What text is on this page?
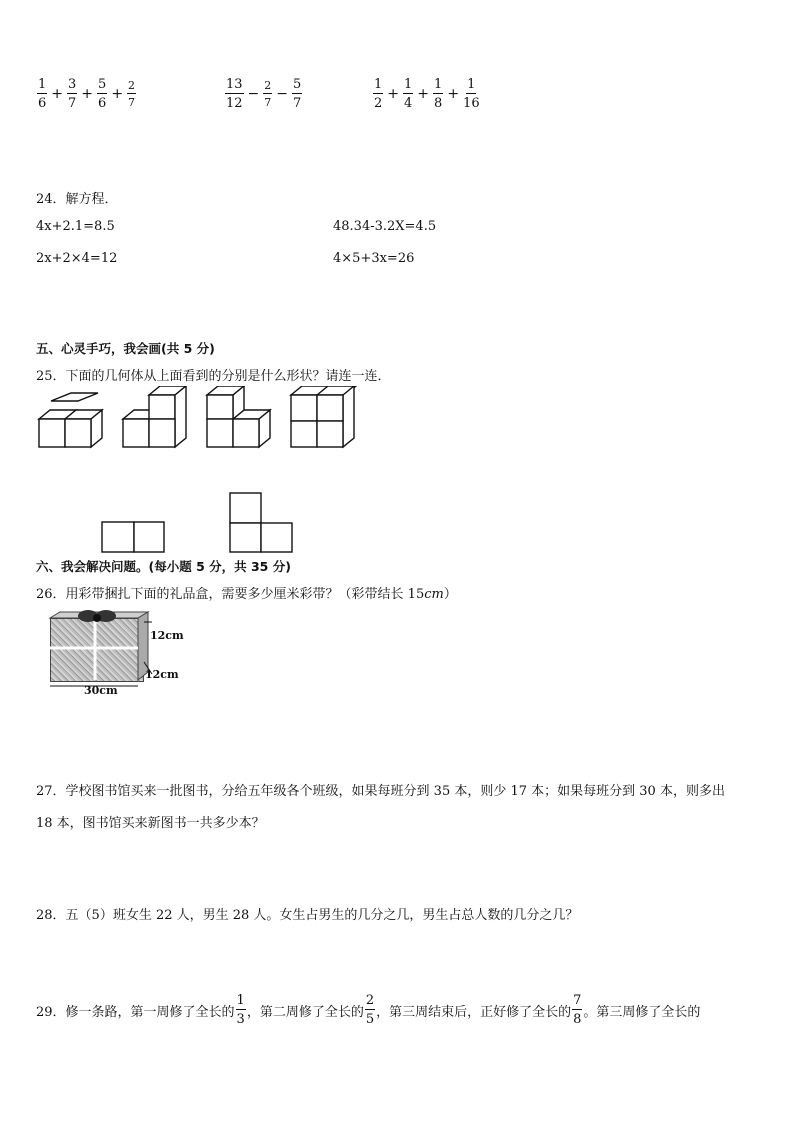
$\frac{1}{6} + \frac{3}{7} + \frac{5}{6} + \frac{2}{7}$	$\frac{13}{12} - \frac{2}{7} - \frac{5}{7}$	$\frac{1}{2} + \frac{1}{4} + \frac{1}{8} + \frac{1}{16}$
24．解方程．
4x+2.1=8.5	48.34-3.2X=4.5
2x+2×4=12	4×5+3x=26
五、心灵手巧，我会画(共 5 分)
25．下面的几何体从上面看到的分别是什么形状？请连一连．
六、我会解决问题。(每小题 5 分，共 35 分)
26．用彩带捆扎下面的礼品盒，需要多少厘米彩带？（彩带结长 15cm）
12cm
12cm
30cm
27．学校图书馆买来一批图书，分给五年级各个班级，如果每班分到 35 本，则少 17 本；如果每班分到 30 本，则多出
18 本，图书馆买来新图书一共多少本？
28．五（5）班女生 22 人，男生 28 人。女生占男生的几分之几，男生占总人数的几分之几？
29．修一条路，第一周修了全长的 $\frac{1}{3}$ ，第二周修了全长的 $\frac{2}{5}$ ，第三周结束后，正好修了全长的 $\frac{7}{8}$ 。第三周修了全长的
